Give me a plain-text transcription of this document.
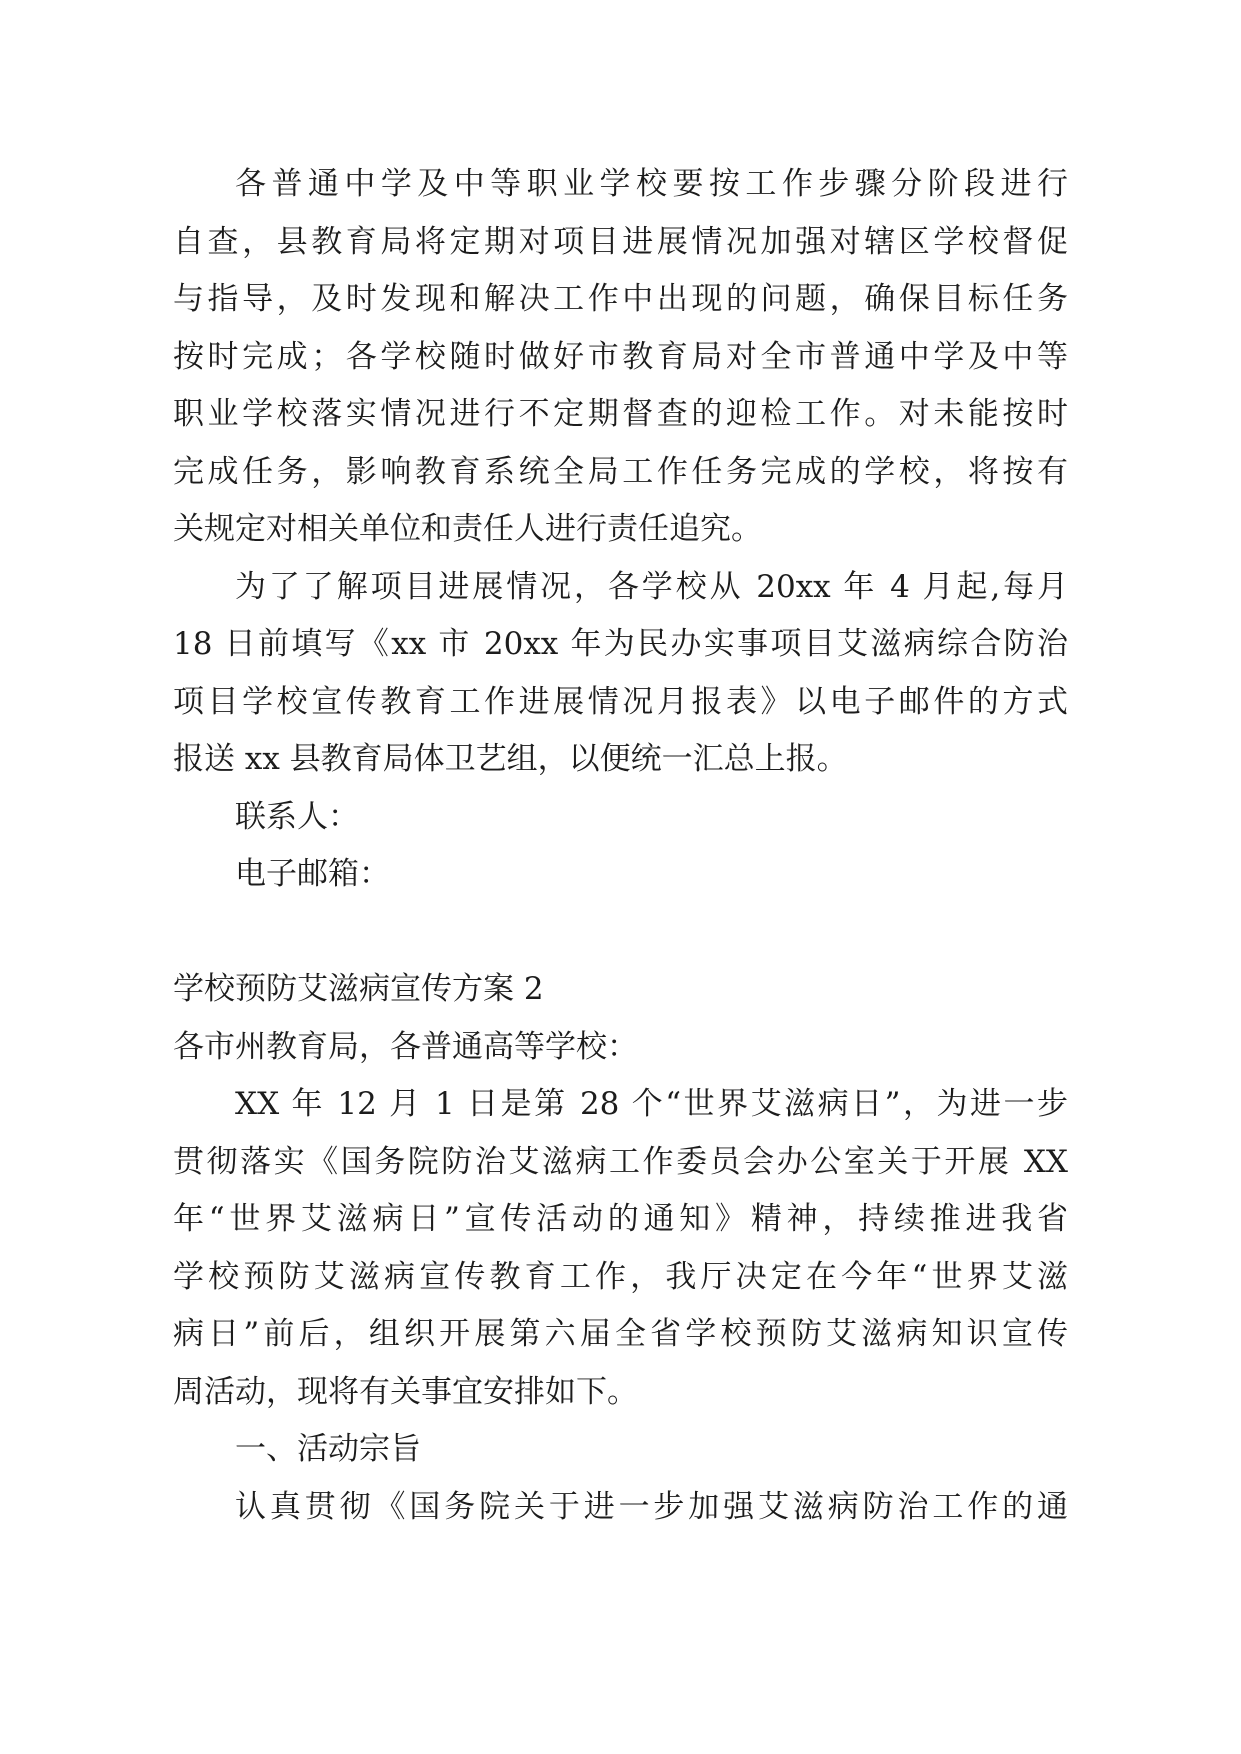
各普通中学及中等职业学校要按工作步骤分阶段进行
自查，县教育局将定期对项目进展情况加强对辖区学校督促
与指导，及时发现和解决工作中出现的问题，确保目标任务
按时完成；各学校随时做好市教育局对全市普通中学及中等
职业学校落实情况进行不定期督查的迎检工作。对未能按时
完成任务，影响教育系统全局工作任务完成的学校，将按有
关规定对相关单位和责任人进行责任追究。
为了了解项目进展情况，各学校从 20xx 年 4 月起,每月
18 日前填写《xx 市 20xx 年为民办实事项目艾滋病综合防治
项目学校宣传教育工作进展情况月报表》以电子邮件的方式
报送 xx 县教育局体卫艺组，以便统一汇总上报。
联系人：
电子邮箱：
学校预防艾滋病宣传方案 2
各市州教育局，各普通高等学校：
XX 年 12 月 1 日是第 28 个“世界艾滋病日”，为进一步
贯彻落实《国务院防治艾滋病工作委员会办公室关于开展 XX
年“世界艾滋病日”宣传活动的通知》精神，持续推进我省
学校预防艾滋病宣传教育工作，我厅决定在今年“世界艾滋
病日”前后，组织开展第六届全省学校预防艾滋病知识宣传
周活动，现将有关事宜安排如下。
一、活动宗旨
认真贯彻《国务院关于进一步加强艾滋病防治工作的通
